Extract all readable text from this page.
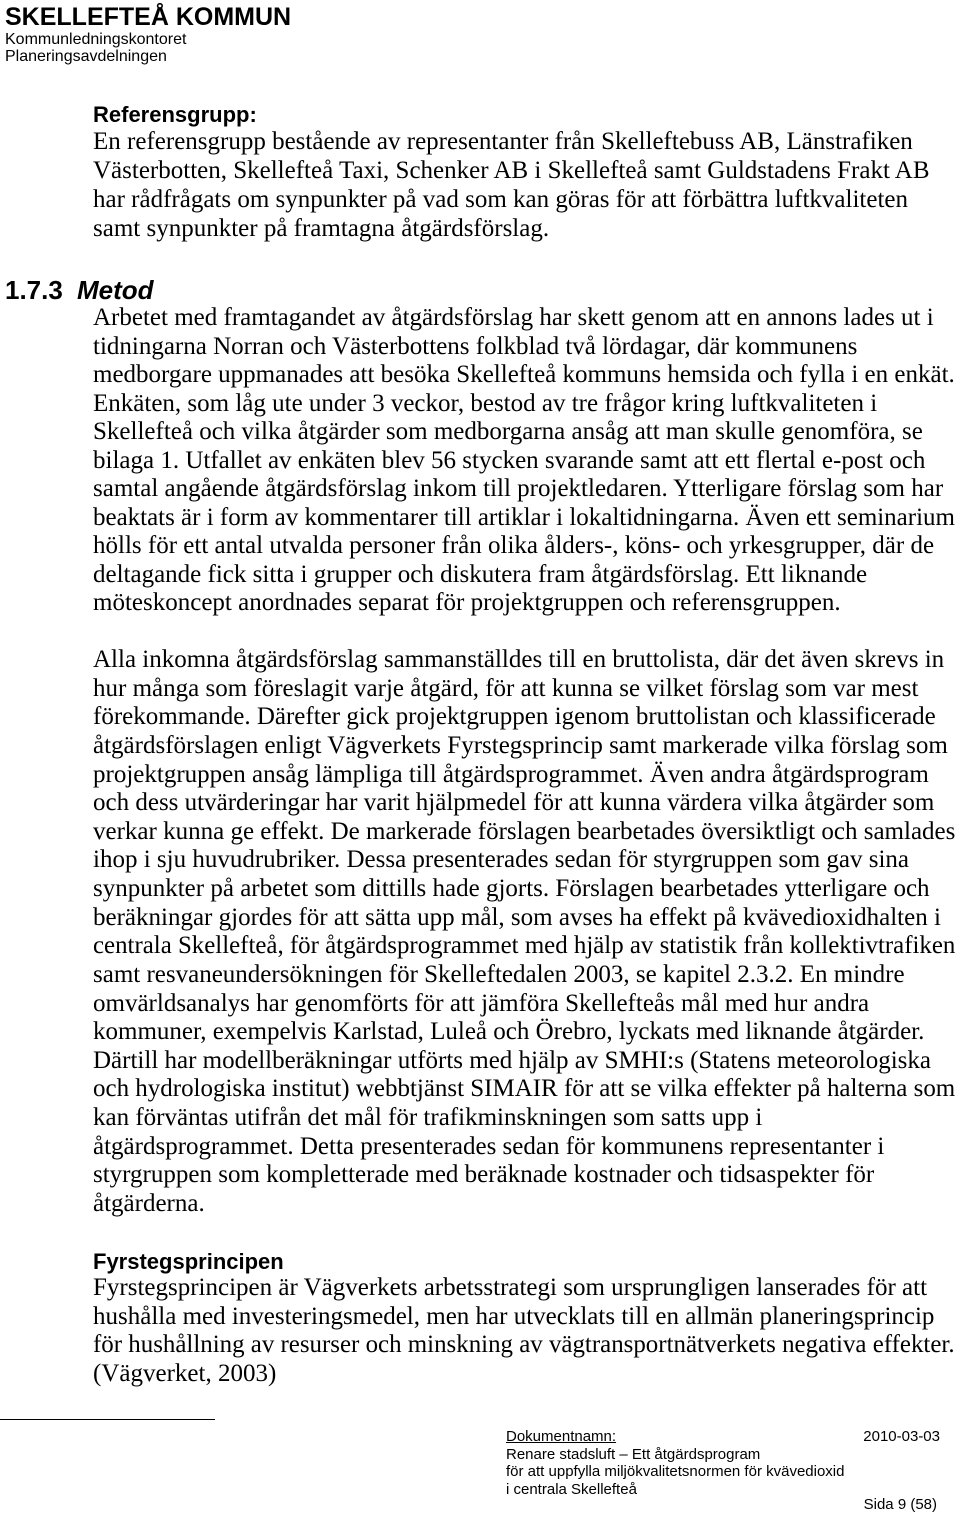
SKELLEFTEÅ KOMMUN
Kommunledningskontoret
Planeringsavdelningen
Referensgrupp:
En referensgrupp bestående av representanter från Skelleftebuss AB, Länstrafiken
Västerbotten, Skellefteå Taxi, Schenker AB i Skellefteå samt Guldstadens Frakt AB
har rådfrågats om synpunkter på vad som kan göras för att förbättra luftkvaliteten
samt synpunkter på framtagna åtgärdsförslag.
1.7.3 Metod
Arbetet med framtagandet av åtgärdsförslag har skett genom att en annons lades ut i
tidningarna Norran och Västerbottens folkblad två lördagar, där kommunens
medborgare uppmanades att besöka Skellefteå kommuns hemsida och fylla i en enkät.
Enkäten, som låg ute under 3 veckor, bestod av tre frågor kring luftkvaliteten i
Skellefteå och vilka åtgärder som medborgarna ansåg att man skulle genomföra, se
bilaga 1. Utfallet av enkäten blev 56 stycken svarande samt att ett flertal e-post och
samtal angående åtgärdsförslag inkom till projektledaren. Ytterligare förslag som har
beaktats är i form av kommentarer till artiklar i lokaltidningarna. Även ett seminarium
hölls för ett antal utvalda personer från olika ålders-, köns- och yrkesgrupper, där de
deltagande fick sitta i grupper och diskutera fram åtgärdsförslag. Ett liknande
möteskoncept anordnades separat för projektgruppen och referensgruppen.
Alla inkomna åtgärdsförslag sammanställdes till en bruttolista, där det även skrevs in
hur många som föreslagit varje åtgärd, för att kunna se vilket förslag som var mest
förekommande. Därefter gick projektgruppen igenom bruttolistan och klassificerade
åtgärdsförslagen enligt Vägverkets Fyrstegsprincip samt markerade vilka förslag som
projektgruppen ansåg lämpliga till åtgärdsprogrammet. Även andra åtgärdsprogram
och dess utvärderingar har varit hjälpmedel för att kunna värdera vilka åtgärder som
verkar kunna ge effekt. De markerade förslagen bearbetades översiktligt och samlades
ihop i sju huvudrubriker. Dessa presenterades sedan för styrgruppen som gav sina
synpunkter på arbetet som dittills hade gjorts. Förslagen bearbetades ytterligare och
beräkningar gjordes för att sätta upp mål, som avses ha effekt på kvävedioxidhalten i
centrala Skellefteå, för åtgärdsprogrammet med hjälp av statistik från kollektivtrafiken
samt resvaneundersökningen för Skelleftedalen 2003, se kapitel 2.3.2. En mindre
omvärldsanalys har genomförts för att jämföra Skellefteås mål med hur andra
kommuner, exempelvis Karlstad, Luleå och Örebro, lyckats med liknande åtgärder.
Därtill har modellberäkningar utförts med hjälp av SMHI:s (Statens meteorologiska
och hydrologiska institut) webbtjänst SIMAIR för att se vilka effekter på halterna som
kan förväntas utifrån det mål för trafikminskningen som satts upp i
åtgärdsprogrammet. Detta presenterades sedan för kommunens representanter i
styrgruppen som kompletterade med beräknade kostnader och tidsaspekter för
åtgärderna.
Fyrstegsprincipen
Fyrstegsprincipen är Vägverkets arbetsstrategi som ursprungligen lanserades för att
hushålla med investeringsmedel, men har utvecklats till en allmän planeringsprincip
för hushållning av resurser och minskning av vägtransportnätverkets negativa effekter.
(Vägverket, 2003)
Dokumentnamn:	2010-03-03
Renare stadsluft – Ett åtgärdsprogram
för att uppfylla miljökvalitetsnormen för kvävedioxid
i centrala Skellefteå
Sida 9 (58)
